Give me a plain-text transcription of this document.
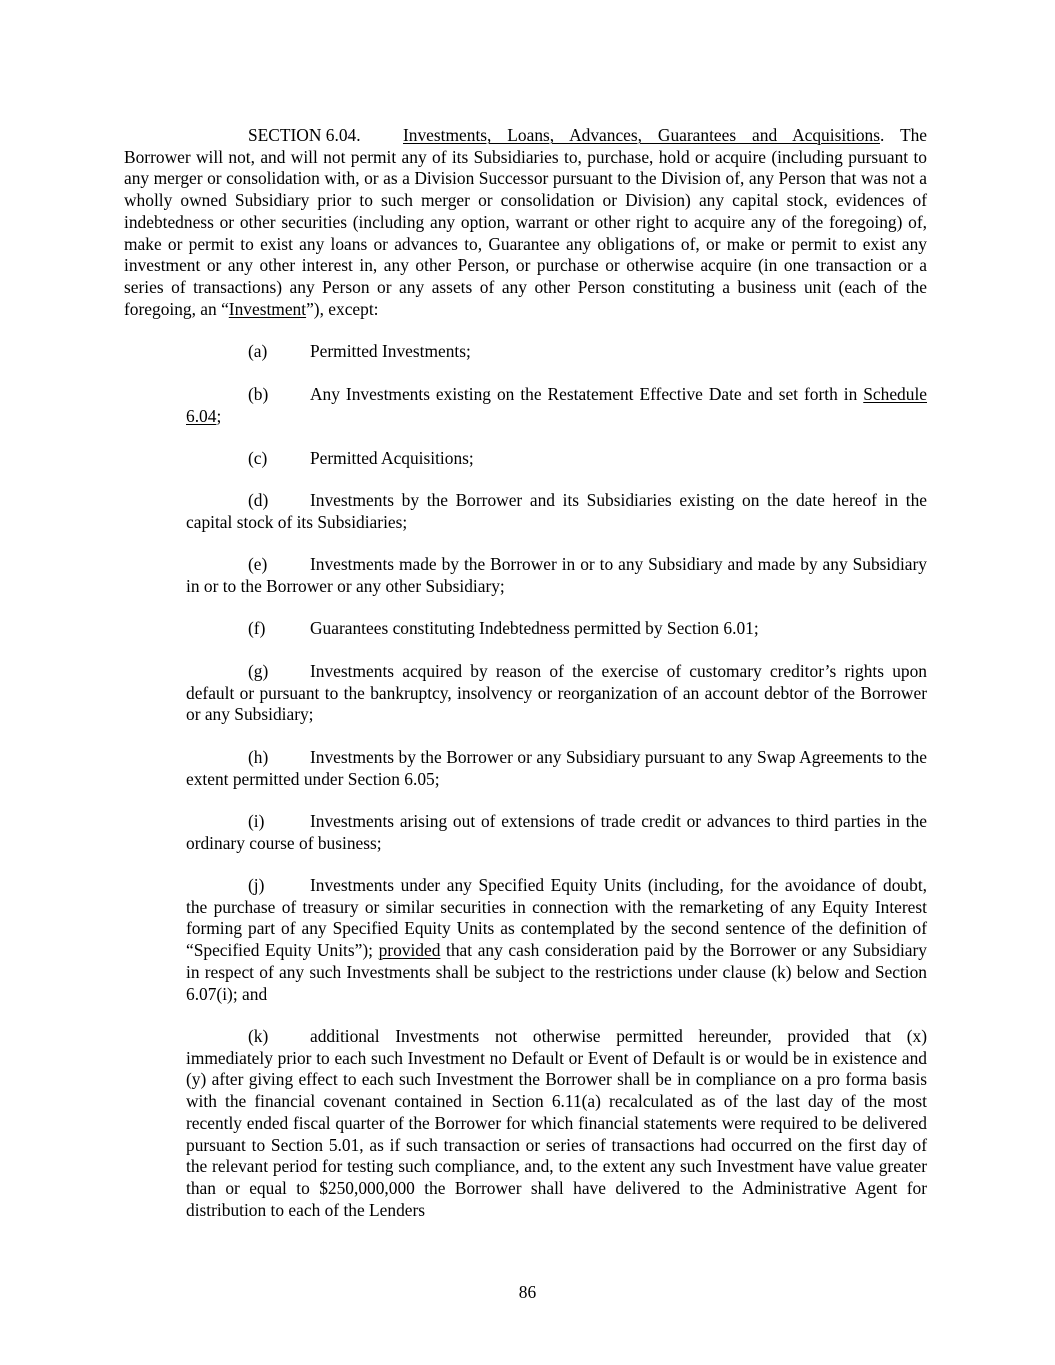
SECTION 6.04. Investments, Loans, Advances, Guarantees and Acquisitions. The Borrower will not, and will not permit any of its Subsidiaries to, purchase, hold or acquire (including pursuant to any merger or consolidation with, or as a Division Successor pursuant to the Division of, any Person that was not a wholly owned Subsidiary prior to such merger or consolidation or Division) any capital stock, evidences of indebtedness or other securities (including any option, warrant or other right to acquire any of the foregoing) of, make or permit to exist any loans or advances to, Guarantee any obligations of, or make or permit to exist any investment or any other interest in, any other Person, or purchase or otherwise acquire (in one transaction or a series of transactions) any Person or any assets of any other Person constituting a business unit (each of the foregoing, an “Investment”), except:

(a) Permitted Investments;

(b) Any Investments existing on the Restatement Effective Date and set forth in Schedule 6.04;

(c) Permitted Acquisitions;

(d) Investments by the Borrower and its Subsidiaries existing on the date hereof in the capital stock of its Subsidiaries;

(e) Investments made by the Borrower in or to any Subsidiary and made by any Subsidiary in or to the Borrower or any other Subsidiary;

(f)	Guarantees constituting Indebtedness permitted by Section 6.01;

(g) Investments acquired by reason of the exercise of customary creditor’s rights upon default or pursuant to the bankruptcy, insolvency or reorganization of an account debtor of the Borrower or any Subsidiary;

(h) Investments by the Borrower or any Subsidiary pursuant to any Swap Agreements to the extent permitted under Section 6.05;

(i)	Investments arising out of extensions of trade credit or advances to third parties in the ordinary course of business;

(j)	Investments under any Specified Equity Units (including, for the avoidance of doubt, the purchase of treasury or similar securities in connection with the remarketing of any Equity Interest forming part of any Specified Equity Units as contemplated by the second sentence of the definition of “Specified Equity Units”); provided that any cash consideration paid by the Borrower or any Subsidiary in respect of any such Investments shall be subject to the restrictions under clause (k) below and Section 6.07(i); and

(k) additional Investments not otherwise permitted hereunder, provided that (x) immediately prior to each such Investment no Default or Event of Default is or would be in existence and (y) after giving effect to each such Investment the Borrower shall be in compliance on a pro forma basis with the financial covenant contained in Section 6.11(a) recalculated as of the last day of the most recently ended fiscal quarter of the Borrower for which financial statements were required to be delivered pursuant to Section 5.01, as if such transaction or series of transactions had occurred on the first day of the relevant period for testing such compliance, and, to the extent any such Investment have value greater than or equal to $250,000,000 the Borrower shall have delivered to the Administrative Agent for distribution to each of the Lenders

86
